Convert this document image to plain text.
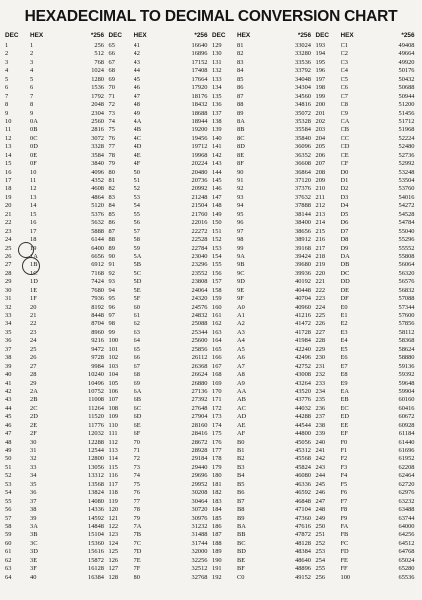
HEXADECIMAL TO DECIMAL CONVERSION CHART
DEC	HEX	*256
1	1	256
2	2	512
3	3	768
4	4	1024
5	5	1280
6	6	1536
7	7	1792
8	8	2048
9	9	2304
10	0A	2560
11	0B	2816
12	0C	3072
13	0D	3328
14	0E	3584
15	0F	3840
16	10	4096
17	11	4352
18	12	4608
19	13	4864
20	14	5120
21	15	5376
22	16	5632
23	17	5888
24	18	6144
25	19	6400
26	1A	6656
27	1B	6912
28	1C	7168
29	1D	7424
30	1E	7680
31	1F	7936
32	20	8192
33	21	8448
34	22	8704
35	23	8960
36	24	9216
37	25	9472
38	26	9728
39	27	9984
40	28	10240
41	29	10496
42	2A	10752
43	2B	11008
44	2C	11264
45	2D	11520
46	2E	11776
47	2F	12032
48	30	12288
49	31	12544
50	32	12800
51	33	13056
52	34	13312
53	35	13568
54	36	13824
55	37	14080
56	38	14336
57	39	14592
58	3A	14848
59	3B	15104
60	3C	15360
61	3D	15616
62	3E	15872
63	3F	16128
64	40	16384
DEC	HEX	*256
65	41	16640
66	42	16896
67	43	17152
68	44	17408
69	45	17664
70	46	17920
71	47	18176
72	48	18432
73	49	18688
74	4A	18944
75	4B	19200
76	4C	19456
77	4D	19712
78	4E	19968
79	4F	20224
80	50	20480
81	51	20736
82	52	20992
83	53	21248
84	54	21504
85	55	21760
86	56	22016
87	57	22272
88	58	22528
89	59	22784
90	5A	23040
91	5B	23296
92	5C	23552
93	5D	23808
94	5E	24064
95	5F	24320
96	60	24576
97	61	24832
98	62	25088
99	63	25344
100	64	25600
101	65	25856
102	66	26112
103	67	26368
104	68	26624
105	69	26880
106	6A	27136
107	6B	27392
108	6C	27648
109	6D	27904
110	6E	28160
111	6F	28416
112	70	28672
113	71	28928
114	72	29184
115	73	29440
116	74	29696
117	75	29952
118	76	30208
119	77	30464
120	78	30720
121	79	30976
122	7A	31232
123	7B	31488
124	7C	31744
125	7D	32000
126	7E	32256
127	7F	32512
128	80	32768
DEC	HEX	*256
129	81	33024
130	82	33280
131	83	33536
132	84	33792
133	85	34048
134	86	34304
135	87	34560
136	88	34816
137	89	35072
138	8A	35328
139	8B	35584
140	8C	35840
141	8D	36096
142	8E	36352
143	8F	36608
144	90	36864
145	91	37120
146	92	37376
147	93	37632
148	94	37888
149	95	38144
150	96	38400
151	97	38656
152	98	38912
153	99	39168
154	9A	39424
155	9B	39680
156	9C	39936
157	9D	40192
158	9E	40448
159	9F	40704
160	A0	40960
161	A1	41216
162	A2	41472
163	A3	41728
164	A4	41984
165	A5	42240
166	A6	42496
167	A7	42752
168	A8	43008
169	A9	43264
170	AA	43520
171	AB	43776
172	AC	44032
173	AD	44288
174	AE	44544
175	AF	44800
176	B0	45056
177	B1	45312
178	B2	45568
179	B3	45824
180	B4	46080
181	B5	46336
182	B6	46592
183	B7	46848
184	B8	47104
185	B9	47360
186	BA	47616
187	BB	47872
188	BC	48128
189	BD	48384
190	BE	48640
191	BF	48896
192	C0	49152
DEC	HEX	*256
193	C1	49408
194	C2	49664
195	C3	49920
196	C4	50176
197	C5	50432
198	C6	50688
199	C7	50944
200	C8	51200
201	C9	51456
202	CA	51712
203	CB	51968
204	CC	52224
205	CD	52480
206	CE	52736
207	CF	52992
208	D0	53248
209	D1	53504
210	D2	53760
211	D3	54016
212	D4	54272
213	D5	54528
214	D6	54784
215	D7	55040
216	D8	55296
217	D9	55552
218	DA	55808
219	DB	56064
220	DC	56320
221	DD	56576
222	DE	56832
223	DF	57088
224	E0	57344
225	E1	57600
226	E2	57856
227	E3	58112
228	E4	58368
229	E5	58624
230	E6	58880
231	E7	59136
232	E8	59392
233	E9	59648
234	EA	59904
235	EB	60160
236	EC	60416
237	ED	60672
238	EE	60928
239	EF	61184
240	F0	61440
241	F1	61696
242	F2	61952
243	F3	62208
244	F4	62464
245	F5	62720
246	F6	62976
247	F7	63232
248	F8	63488
249	F9	63744
250	FA	64000
251	FB	64256
252	FC	64512
253	FD	64768
254	FE	65024
255	FF	65280
256	100	65536
